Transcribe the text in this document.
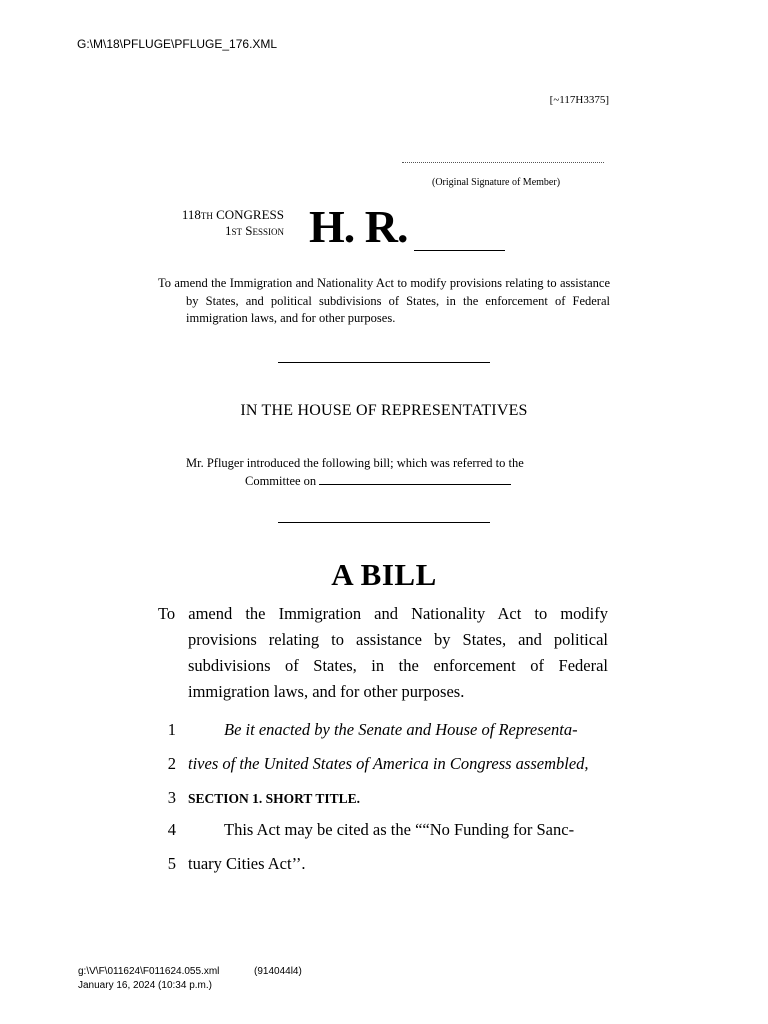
G:\M\18\PFLUGE\PFLUGE_176.XML
[~117H3375]
(Original Signature of Member)
118th CONGRESS
1st Session H. R.

To amend the Immigration and Nationality Act to modify provisions relating to assistance by States, and political subdivisions of States, in the enforcement of Federal immigration laws, and for other purposes.

IN THE HOUSE OF REPRESENTATIVES
Mr. Pfluger introduced the following bill; which was referred to the
Committee on
A BILL

To amend the Immigration and Nationality Act to modify provisions relating to assistance by States, and political subdivisions of States, in the enforcement of Federal immigration laws, and for other purposes.

1	Be it enacted by the Senate and House of Representa-
2 tives of the United States of America in Congress assembled,
3 SECTION 1. SHORT TITLE.
4	This Act may be cited as the ““No Funding for Sanc-
5 tuary Cities Act’’.
g:\V\F\011624\F011624.055.xml	(914044l4)
January 16, 2024 (10:34 p.m.)
